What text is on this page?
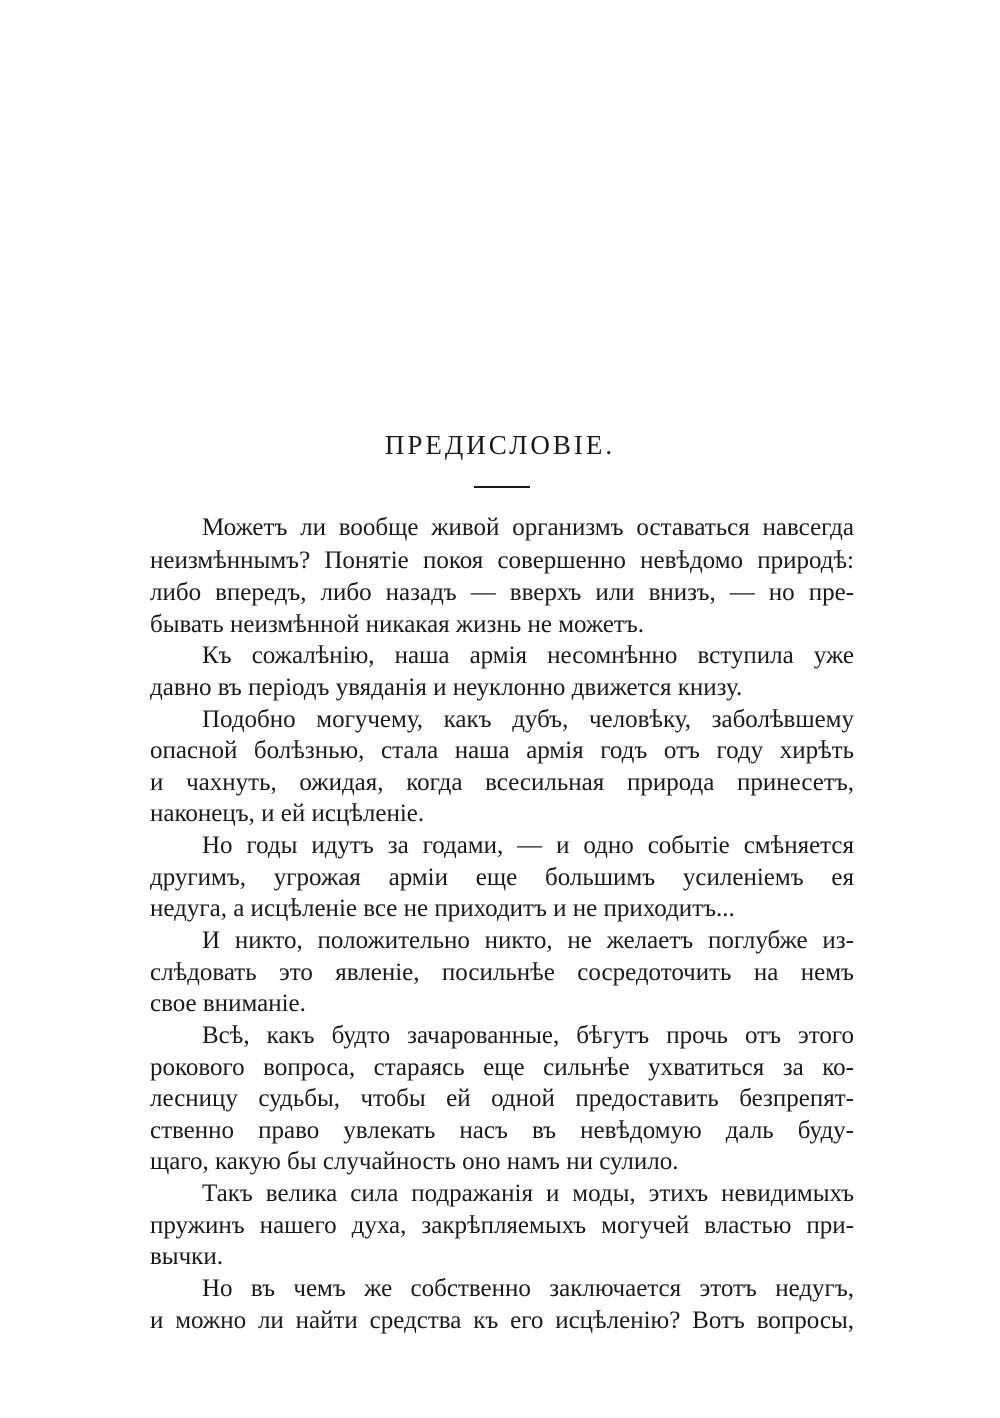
ПРЕДИСЛОВIЕ.
Можетъ ли вообще живой организмъ оставаться навсегда
неизмѣннымъ? Понятіе покоя совершенно невѣдомо природѣ:
либо впередъ, либо назадъ — вверхъ или внизъ, — но пре-
бывать неизмѣнной никакая жизнь не можетъ.
Къ сожалѣнію, наша армія несомнѣнно вступила уже
давно въ періодъ увяданія и неуклонно движется книзу.
Подобно могучему, какъ дубъ, человѣку, заболѣвшему
опасной болѣзнью, стала наша армія годъ отъ году хирѣть
и чахнуть, ожидая, когда всесильная природа принесетъ,
наконецъ, и ей исцѣленіе.
Но годы идутъ за годами, — и одно событіе смѣняется
другимъ, угрожая арміи еще большимъ усиленіемъ ея
недуга, а исцѣленіе все не приходитъ и не приходитъ...
И никто, положительно никто, не желаетъ поглубже из-
слѣдовать это явленіе, посильнѣе сосредоточить на немъ
свое вниманіе.
Всѣ, какъ будто зачарованные, бѣгутъ прочь отъ этого
рокового вопроса, стараясь еще сильнѣе ухватиться за ко-
лесницу судьбы, чтобы ей одной предоставить безпрепят-
ственно право увлекать насъ въ невѣдомую даль буду-
щаго, какую бы случайность оно намъ ни сулило.
Такъ велика сила подражанія и моды, этихъ невидимыхъ
пружинъ нашего духа, закрѣпляемыхъ могучей властью при-
вычки.
Но въ чемъ же собственно заключается этотъ недугъ,
и можно ли найти средства къ его исцѣленію? Вотъ вопросы,
